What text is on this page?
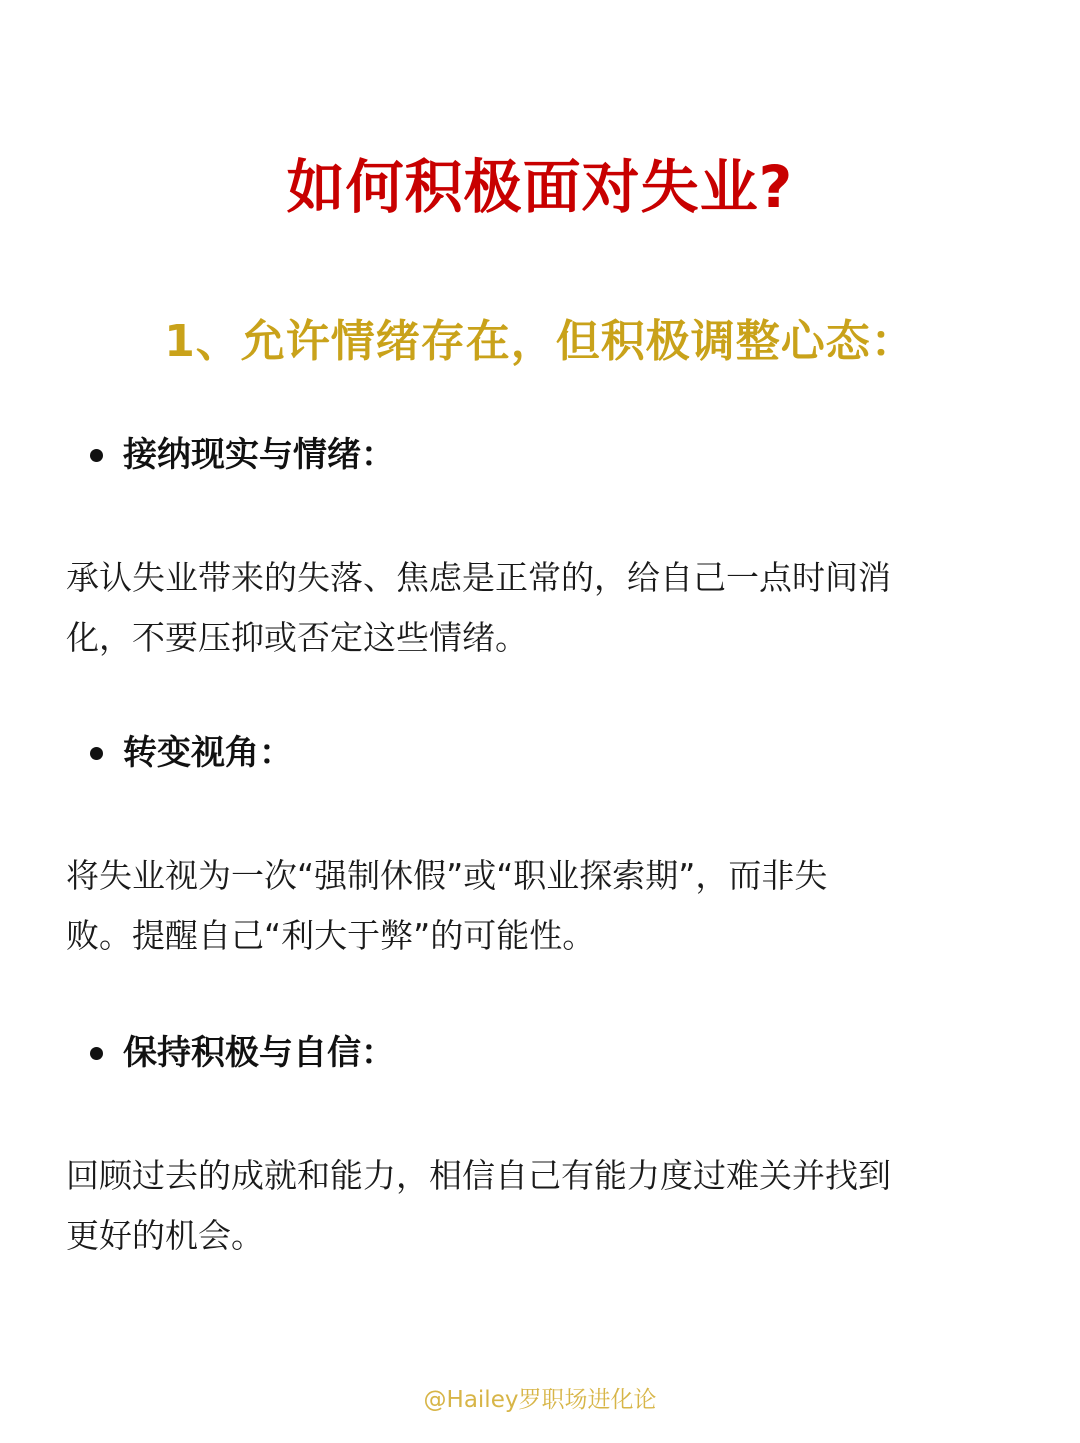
如何积极面对失业?
1、允许情绪存在，但积极调整心态：
接纳现实与情绪：

承认失业带来的失落、焦虑是正常的，给自己一点时间消
化，不要压抑或否定这些情绪。

转变视角：

将失业视为一次“强制休假”或“职业探索期”，而非失
败。提醒自己“利大于弊”的可能性。

保持积极与自信：

回顾过去的成就和能力，相信自己有能力度过难关并找到
更好的机会。

@Hailey罗职场进化论
